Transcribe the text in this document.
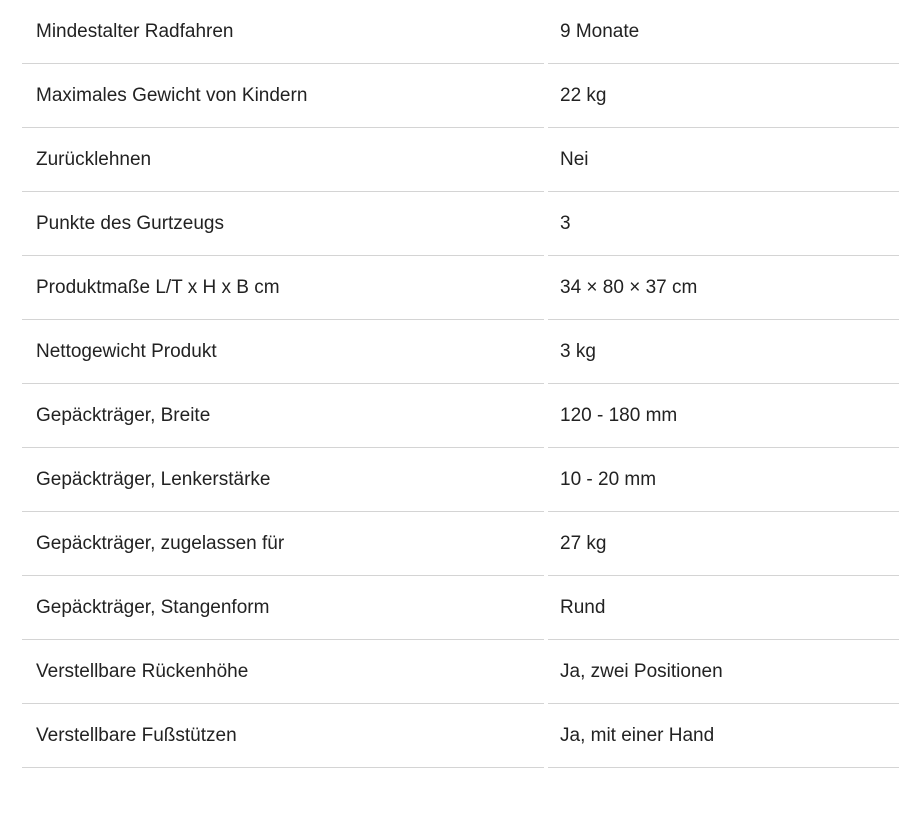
Mindestalter Radfahren	9 Monate
Maximales Gewicht von Kindern	22 kg
Zurücklehnen	Nei
Punkte des Gurtzeugs	3
Produktmaße L/T x H x B cm	34 × 80 × 37 cm
Nettogewicht Produkt	3 kg
Gepäckträger, Breite	120 - 180 mm
Gepäckträger, Lenkerstärke	10 - 20 mm
Gepäckträger, zugelassen für	27 kg
Gepäckträger, Stangenform	Rund
Verstellbare Rückenhöhe	Ja, zwei Positionen
Verstellbare Fußstützen	Ja, mit einer Hand
